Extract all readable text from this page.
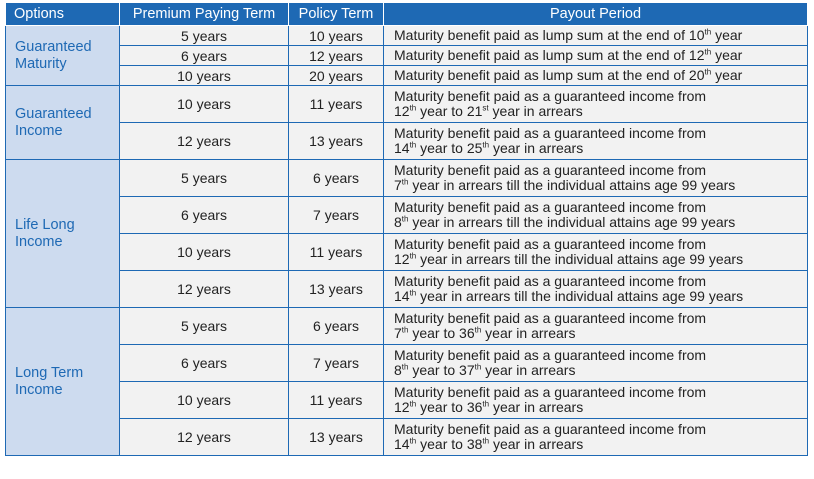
Options	Premium Paying Term	Policy Term	Payout Period

Guaranteed
Maturity	5 years	10 years	Maturity benefit paid as lump sum at the end of 10th year

	6 years	12 years	Maturity benefit paid as lump sum at the end of 12th year

	10 years	20 years	Maturity benefit paid as lump sum at the end of 20th year

Guaranteed
Income	10 years	11 years	Maturity benefit paid as a guaranteed income from
12th year to 21st year in arrears

	12 years	13 years	Maturity benefit paid as a guaranteed income from
14th year to 25th year in arrears

Life Long
Income	5 years	6 years	Maturity benefit paid as a guaranteed income from
7th year in arrears till the individual attains age 99 years

	6 years	7 years	Maturity benefit paid as a guaranteed income from
8th year in arrears till the individual attains age 99 years

	10 years	11 years	Maturity benefit paid as a guaranteed income from
12th year in arrears till the individual attains age 99 years

	12 years	13 years	Maturity benefit paid as a guaranteed income from
14th year in arrears till the individual attains age 99 years

Long Term
Income	5 years	6 years	Maturity benefit paid as a guaranteed income from
7th year to 36th year in arrears

	6 years	7 years	Maturity benefit paid as a guaranteed income from
8th year to 37th year in arrears

	10 years	11 years	Maturity benefit paid as a guaranteed income from
12th year to 36th year in arrears

	12 years	13 years	Maturity benefit paid as a guaranteed income from
14th year to 38th year in arrears
